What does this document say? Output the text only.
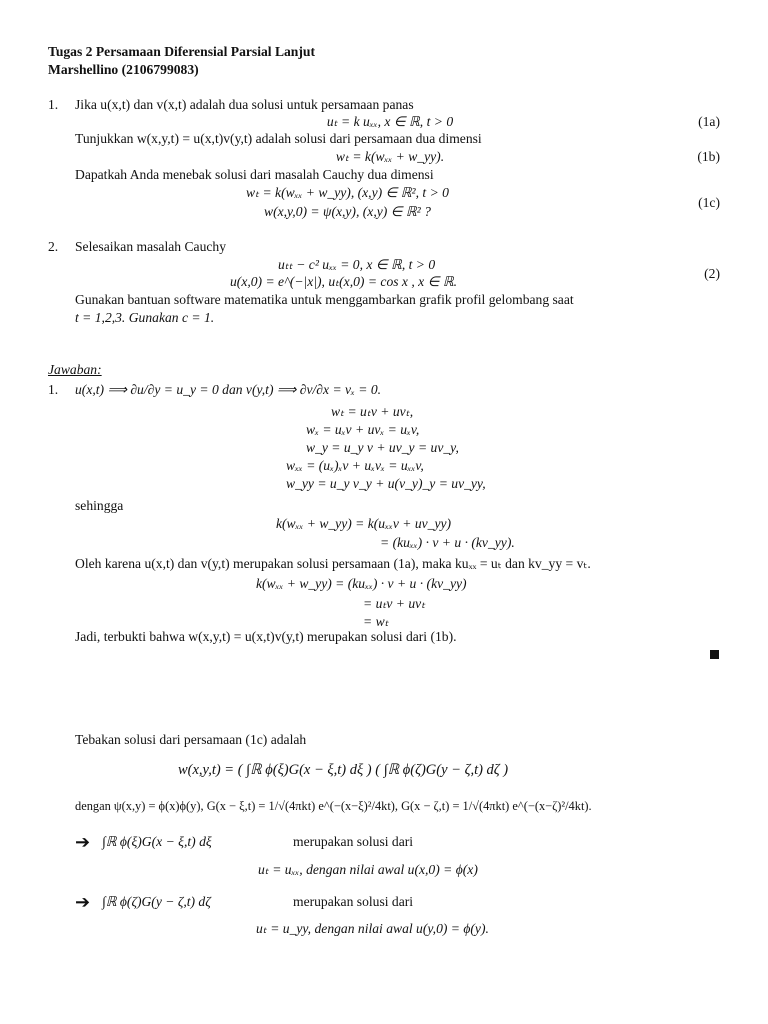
Tugas 2 Persamaan Diferensial Parsial Lanjut
Marshellino (2106799083)
1. Jika u(x,t) dan v(x,t) adalah dua solusi untuk persamaan panas
uₜ = k uₓₓ, x ∈ ℝ, t > 0	(1a)
Tunjukkan w(x,y,t) = u(x,t)v(y,t) adalah solusi dari persamaan dua dimensi
wₜ = k(wₓₓ + w_yy).	(1b)
Dapatkah Anda menebak solusi dari masalah Cauchy dua dimensi
wₜ = k(wₓₓ + w_yy), (x,y) ∈ ℝ², t > 0
w(x,y,0) = ψ(x,y), (x,y) ∈ ℝ² ?
(1c)
2. Selesaikan masalah Cauchy
uₜₜ − c² uₓₓ = 0, x ∈ ℝ, t > 0
u(x,0) = e^(−|x|), uₜ(x,0) = cos x , x ∈ ℝ.
(2)
Gunakan bantuan software matematika untuk menggambarkan grafik profil gelombang saat
t = 1,2,3. Gunakan c = 1.
Jawaban:
1. u(x,t) ⟹ ∂u/∂y = u_y = 0 dan v(y,t) ⟹ ∂v/∂x = vₓ = 0.
wₜ = uₜv + uvₜ,
wₓ = uₓv + uvₓ = uₓv,
w_y = u_y v + uv_y = uv_y,
wₓₓ = (uₓ)ₓv + uₓvₓ = uₓₓv,
w_yy = u_y v_y + u(v_y)_y = uv_yy,
sehingga
k(wₓₓ + w_yy) = k(uₓₓv + uv_yy)
= (kuₓₓ) · v + u · (kv_yy).
Oleh karena u(x,t) dan v(y,t) merupakan solusi persamaan (1a), maka kuₓₓ = uₜ dan kv_yy = vₜ.
k(wₓₓ + w_yy) = (kuₓₓ) · v + u · (kv_yy)
= uₜv + uvₜ
= wₜ
Jadi, terbukti bahwa w(x,y,t) = u(x,t)v(y,t) merupakan solusi dari (1b).
Tebakan solusi dari persamaan (1c) adalah
w(x,y,t) = ( ∫ℝ ϕ(ξ)G(x − ξ,t) dξ ) ( ∫ℝ ϕ(ζ)G(y − ζ,t) dζ )
dengan ψ(x,y) = ϕ(x)ϕ(y), G(x − ξ,t) = 1/√(4πkt) e^(−(x−ξ)²/4kt), G(x − ζ,t) = 1/√(4πkt) e^(−(x−ζ)²/4kt).
➔ ∫ℝ ϕ(ξ)G(x − ξ,t) dξ	merupakan solusi dari
uₜ = uₓₓ, dengan nilai awal u(x,0) = ϕ(x)
➔ ∫ℝ ϕ(ζ)G(y − ζ,t) dζ	merupakan solusi dari
uₜ = u_yy, dengan nilai awal u(y,0) = ϕ(y).
